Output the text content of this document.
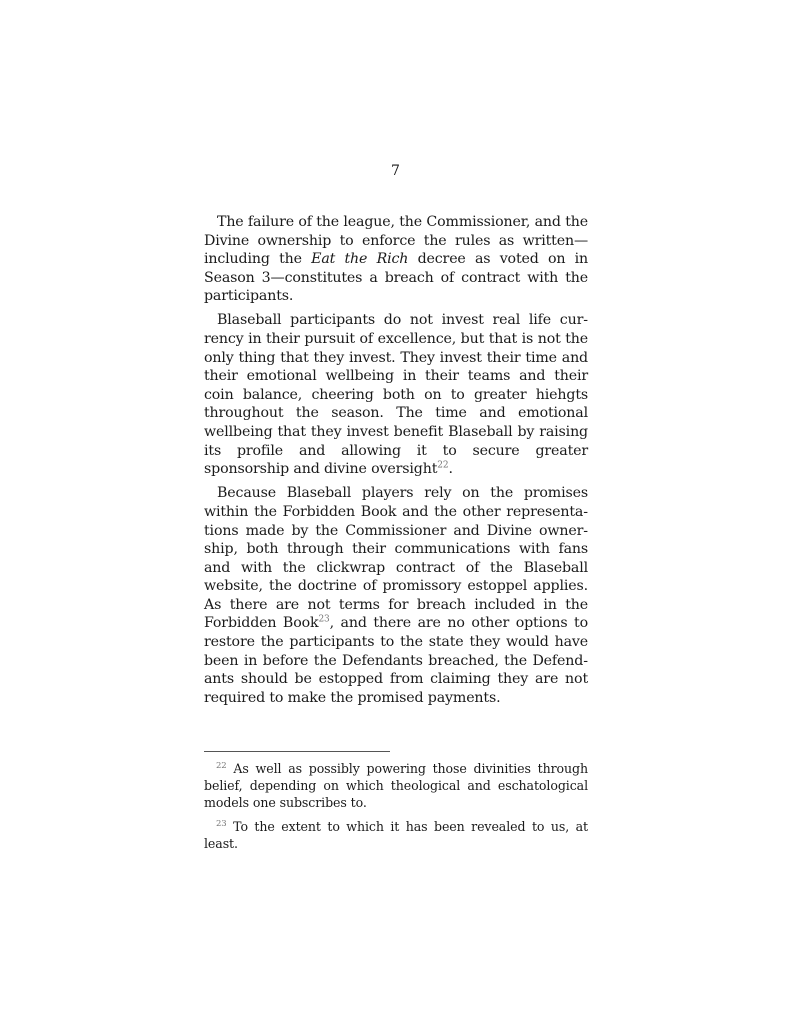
7

The failure of the league, the Commissioner, and the Divine ownership to enforce the rules as written—including the Eat the Rich decree as voted on in Season 3—constitutes a breach of contract with the participants.

Blaseball participants do not invest real life currency in their pursuit of excellence, but that is not the only thing that they invest. They invest their time and their emotional wellbeing in their teams and their coin balance, cheering both on to greater hiehgts throughout the season. The time and emotional wellbeing that they invest benefit Blaseball by raising its profile and allowing it to secure greater sponsorship and divine oversight$^{22}$.

Because Blaseball players rely on the promises within the Forbidden Book and the other representations made by the Commissioner and Divine ownership, both through their communications with fans and with the clickwrap contract of the Blaseball website, the doctrine of promissory estoppel applies. As there are not terms for breach included in the Forbidden Book$^{23}$, and there are no other options to restore the participants to the state they would have been in before the Defendants breached, the Defendants should be estopped from claiming they are not required to make the promised payments.

$^{22}$ As well as possibly powering those divinities through belief, depending on which theological and eschatological models one subscribes to.

$^{23}$ To the extent to which it has been revealed to us, at least.
